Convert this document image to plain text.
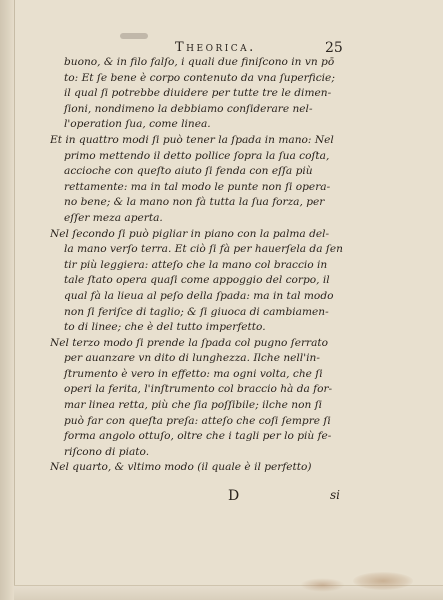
Theorica.	25
buono, & in filo falſo, i quali due finiſcono in vn pō
to: Et ſe bene è corpo contenuto da vna ſuperficie;
il qual ſi potrebbe diuidere per tutte tre le dimen-
ſioni, nondimeno la debbiamo conſiderare nel-
l'operation ſua, come linea.
Et in quattro modi ſi può tener la ſpada in mano: Nel
primo mettendo il detto pollice ſopra la ſua coſta,
accioche con queſto aiuto ſi fenda con eſſa più
rettamente: ma in tal modo le punte non ſi opera-
no bene; & la mano non fà tutta la ſua forza, per
eſſer meza aperta.
Nel ſecondo ſi può pigliar in piano con la palma del-
la mano verſo terra. Et ciò ſi fà per hauerſela da ſen
tir più leggiera: atteſo che la mano col braccio in
tale ſtato opera quaſi come appoggio del corpo, il
qual fà la lieua al peſo della ſpada: ma in tal modo
non ſi feriſce di taglio; & ſi giuoca di cambiamen-
to di linee; che è del tutto imperfetto.
Nel terzo modo ſi prende la ſpada col pugno ſerrato
per auanzare vn dito di lunghezza. Ilche nell'in-
ſtrumento è vero in effetto: ma ogni volta, che ſi
operi la ferita, l'inſtrumento col braccio hà da for-
mar linea retta, più che ſia poſſibile; ilche non ſi
può far con queſta preſa: atteſo che coſi ſempre ſi
forma angolo ottuſo, oltre che i tagli per lo più fe-
riſcono di piato.
Nel quarto, & vltimo modo (il quale è il perfetto)
D	si
